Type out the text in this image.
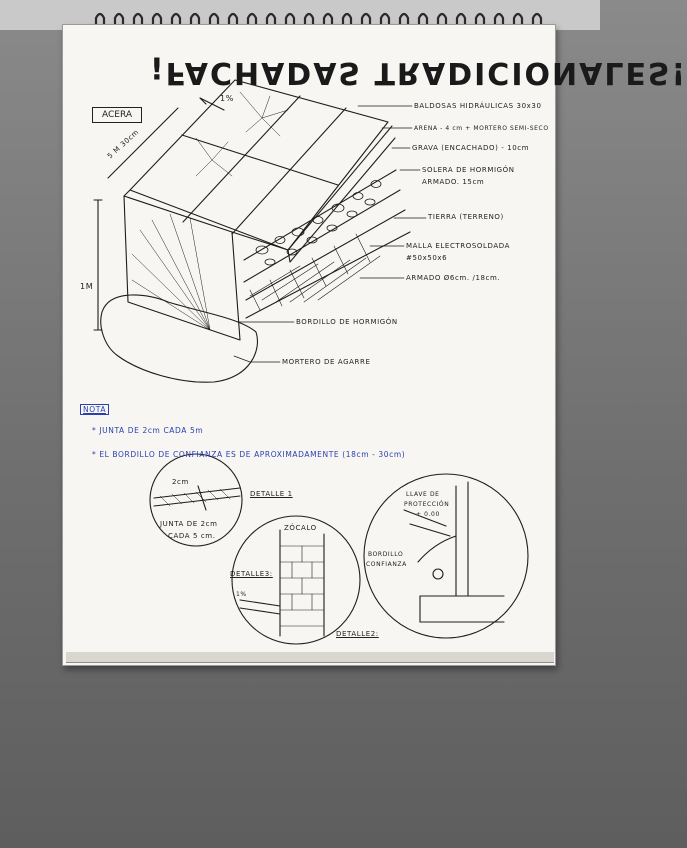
¡FACHADAS TRADICIONALES!
ACERA
1%
5 M 30cm
1M
BALDOSAS HIDRÁULICAS 30x30
ARENA - 4 cm + MORTERO SEMI-SECO
GRAVA (ENCACHADO) - 10cm
SOLERA DE HORMIGÓN
ARMADO. 15cm
TIERRA (TERRENO)
MALLA ELECTROSOLDADA
#50x50x6
ARMADO Ø6cm. /18cm.
BORDILLO DE HORMIGÓN
MORTERO DE AGARRE
NOTA
* JUNTA DE 2cm CADA 5m
* EL BORDILLO DE CONFIANZA ES DE APROXIMADAMENTE (18cm - 30cm)
DETALLE 1
2cm
JUNTA DE 2cm
CADA 5 cm.
ZÓCALO
DETALLE3:
1%
DETALLE2:
LLAVE DE
PROTECCIÓN
+ 0.00
BORDILLO
CONFIANZA
